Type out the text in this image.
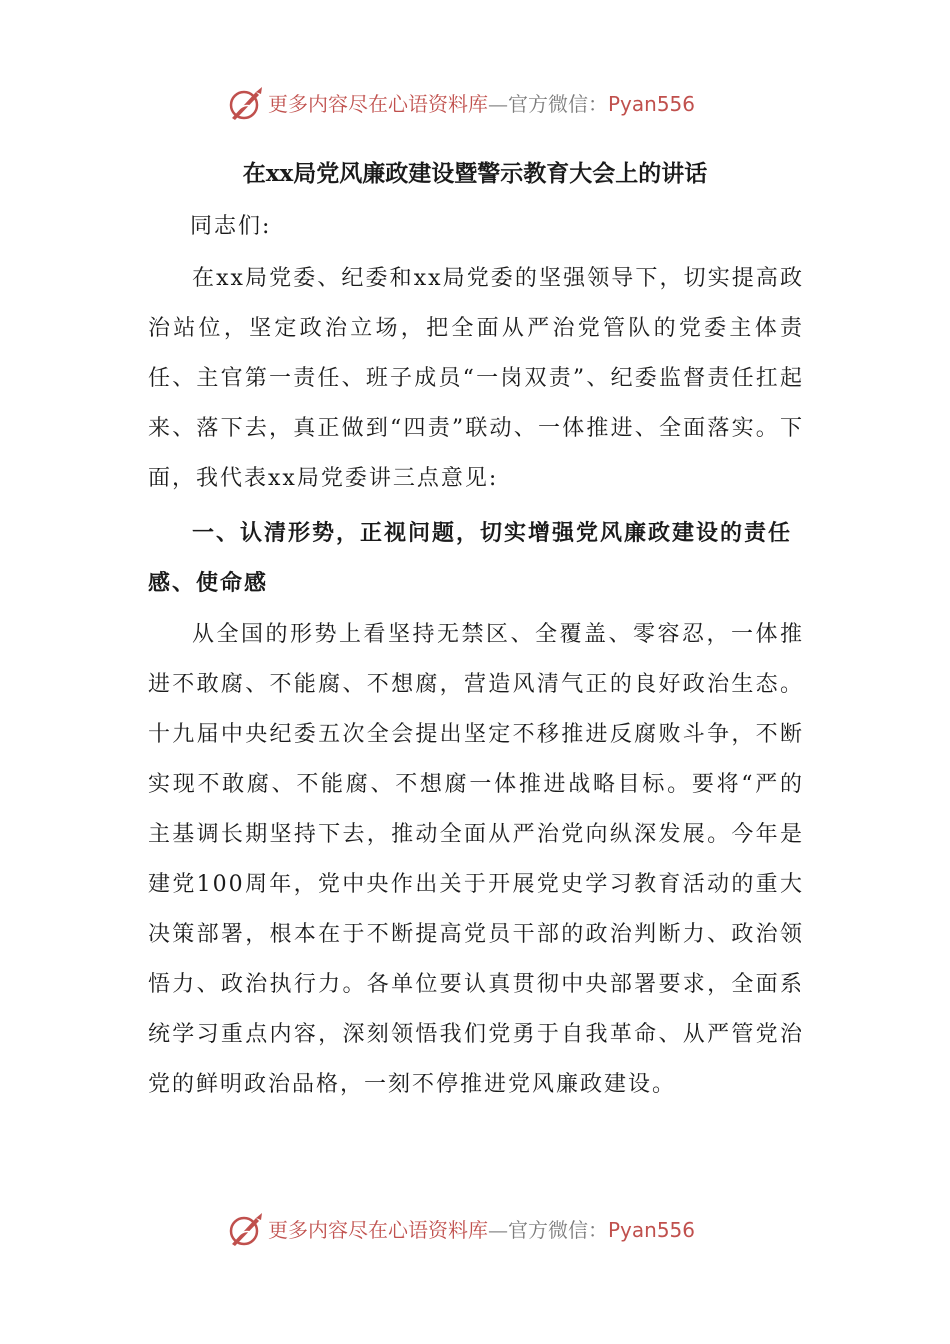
更多内容尽在心语资料库—官方微信：Pyan556
在xx局党风廉政建设暨警示教育大会上的讲话

同志们:

在xx局党委、纪委和xx局党委的坚强领导下，切实提高政治站位，坚定政治立场，把全面从严治党管队的党委主体责任、主官第一责任、班子成员“一岗双责”、纪委监督责任扛起来、落下去，真正做到“四责”联动、一体推进、全面落实。下面，我代表xx局党委讲三点意见:

一、认清形势，正视问题，切实增强党风廉政建设的责任感、使命感

从全国的形势上看坚持无禁区、全覆盖、零容忍，一体推进不敢腐、不能腐、不想腐，营造风清气正的良好政治生态。十九届中央纪委五次全会提出坚定不移推进反腐败斗争，不断实现不敢腐、不能腐、不想腐一体推进战略目标。要将“严的主基调长期坚持下去，推动全面从严治党向纵深发展。今年是建党100周年，党中央作出关于开展党史学习教育活动的重大决策部署，根本在于不断提高党员干部的政治判断力、政治领悟力、政治执行力。各单位要认真贯彻中央部署要求，全面系统学习重点内容，深刻领悟我们党勇于自我革命、从严管党治党的鲜明政治品格，一刻不停推进党风廉政建设。

更多内容尽在心语资料库—官方微信：Pyan556
